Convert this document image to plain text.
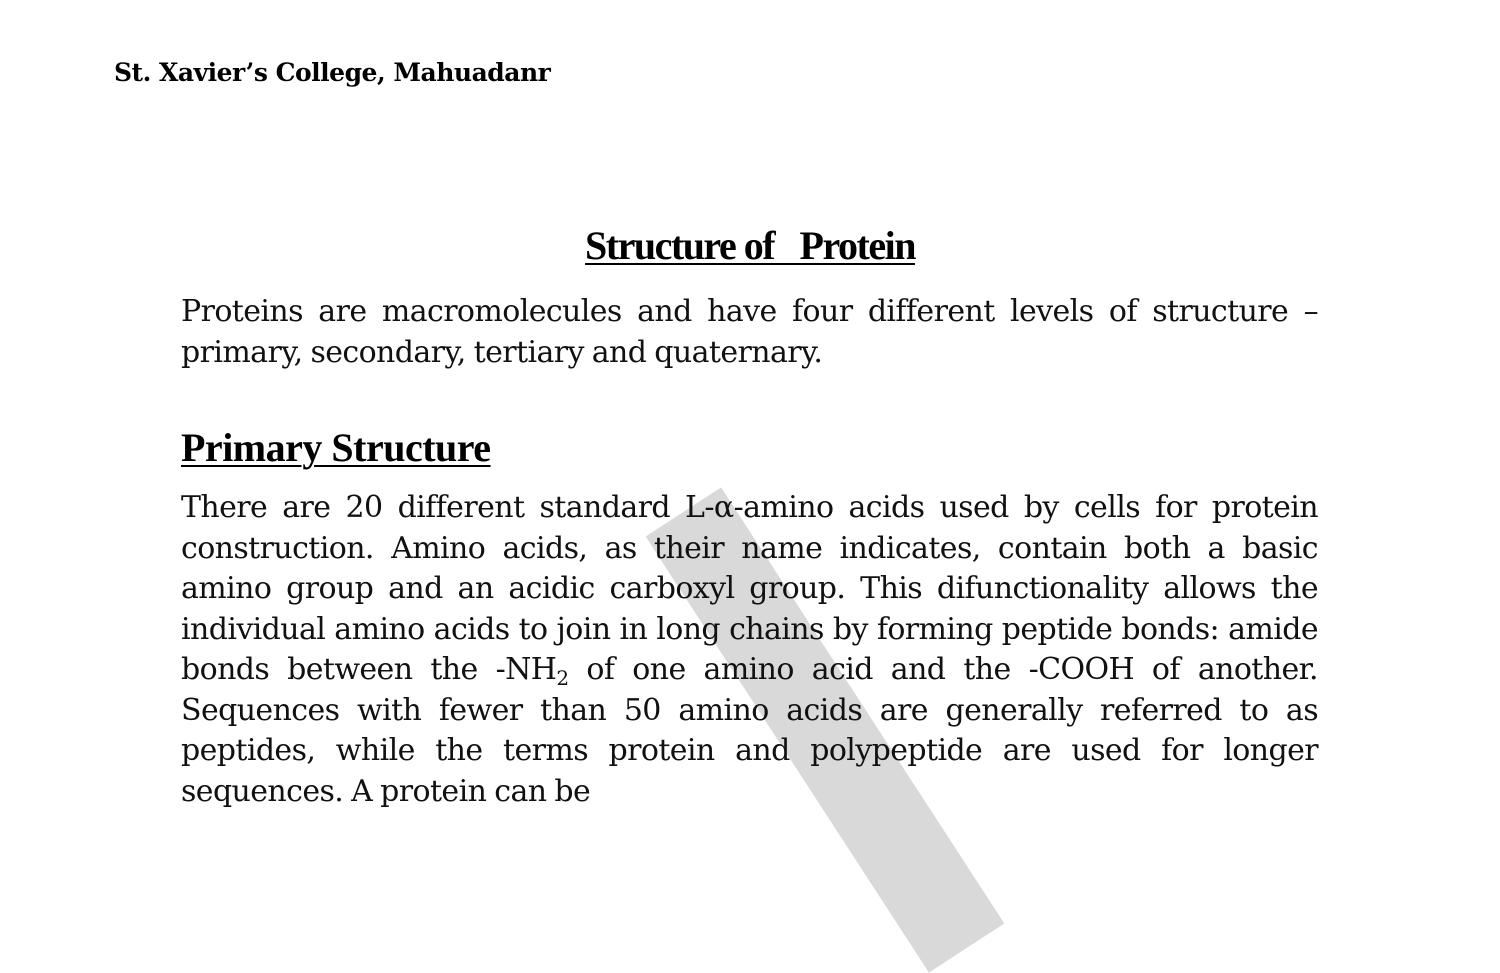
St. Xavier’s College, Mahuadanr
Structure of   Protein
Proteins are macromolecules and have four different levels of structure – primary, secondary, tertiary and quaternary.
Primary Structure
There are 20 different standard L-α-amino acids used by cells for protein construction. Amino acids, as their name indicates, contain both a basic amino group and an acidic carboxyl group. This difunctionality allows the individual amino acids to join in long chains by forming peptide bonds: amide bonds between the $-NH_2$ of one amino acid and the -COOH of another. Sequences with fewer than 50 amino acids are generally referred to as peptides, while the terms protein and polypeptide are used for longer sequences. A protein can be
